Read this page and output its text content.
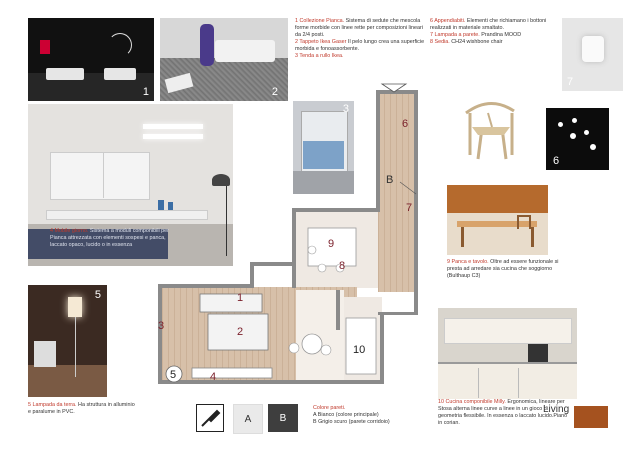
1	2
3
4 Mobile giorno. Sistema a moduli componibili per Pianca attrezzata con elementi sospesi e panca, laccato opaco, lucido o in essenza
5
6
7
1 Collezione Pianca. Sistema di sedute che mescola forme morbide con linee rette per composizioni lineari da 2/4 posti.
2 Tappeto Ikea Gaser Il pelo lungo crea una superficie morbida e fonoassorbente.
3 Tenda a rullo Ikea.
6 Appendiabiti. Elementi che richiamano i bottoni realizzati in materiale smaltato.
7 Lampada a parete. Prandina MOOD
8 Sedia. CH24 wishbone chair
9 Panca e tavolo. Oltre ad essere funzionale si presta ad arredare sia cucina che soggiorno (Bulthaup C3)
5 Lampada da terra. Ha struttura in alluminio e paralume in PVC.
10 Cucina componibile Milly. Ergonomica, lineare per Stosa alterna linee curve a linee in un gioco di geometria flessibile. In essenza o laccato lucido.Piano in corian.
1
2
3
4
5
6
7
8
9
10
B
A	B
Colore pareti.
A Bianco (colore principale)
B Grigio scuro (parete corridoio)
Living
